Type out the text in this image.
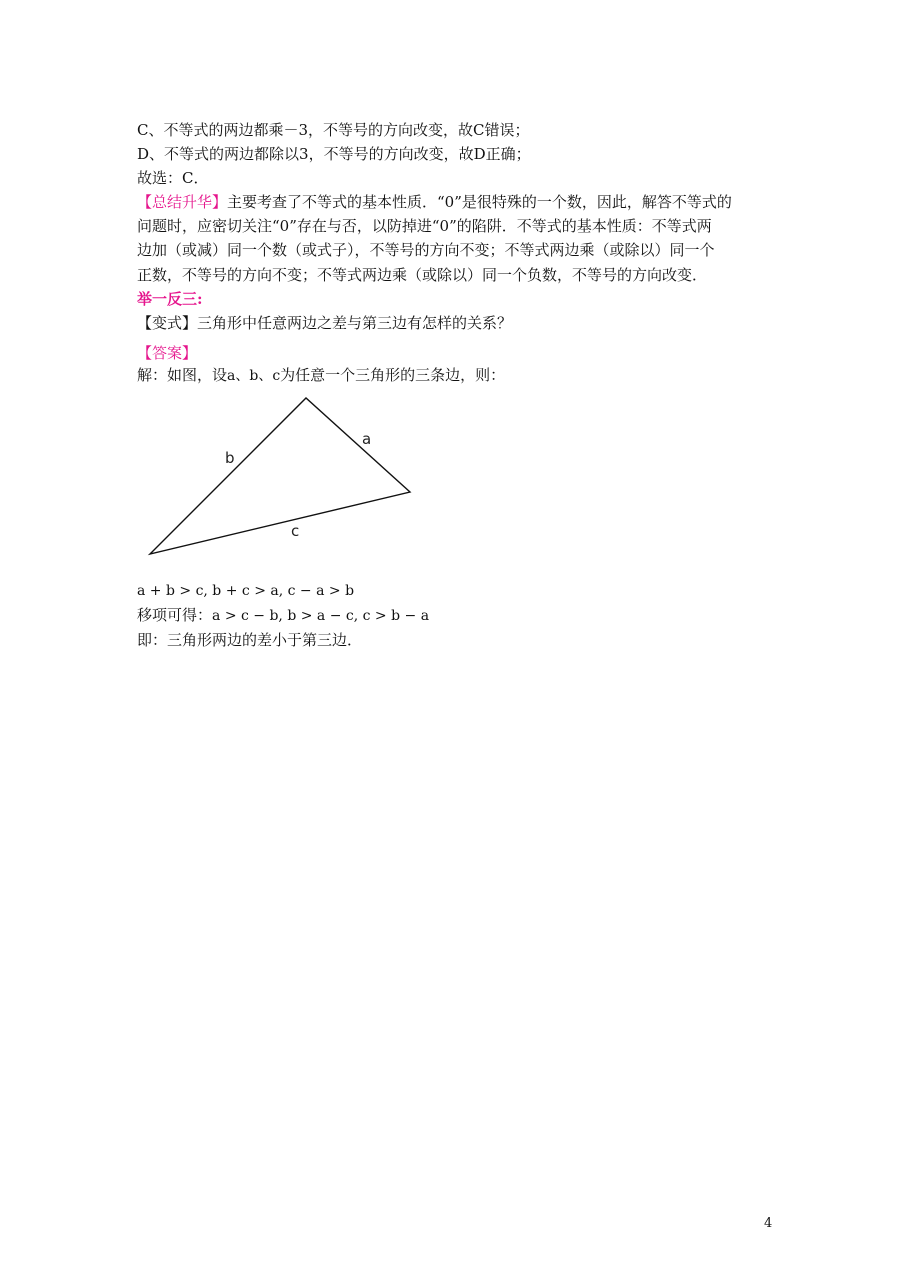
C、不等式的两边都乘－3，不等号的方向改变，故C错误；
D、不等式的两边都除以3，不等号的方向改变，故D正确；
故选：C．
【总结升华】主要考查了不等式的基本性质．“0”是很特殊的一个数，因此，解答不等式的
问题时，应密切关注“0”存在与否，以防掉进“0”的陷阱．不等式的基本性质：不等式两
边加（或减）同一个数（或式子），不等号的方向不变；不等式两边乘（或除以）同一个
正数，不等号的方向不变；不等式两边乘（或除以）同一个负数，不等号的方向改变．
举一反三:
【变式】三角形中任意两边之差与第三边有怎样的关系？
【答案】
解：如图，设a、b、c为任意一个三角形的三条边，则：
b
a
c
a + b > c, b + c > a, c − a > b
移项可得：a > c − b, b > a − c, c > b − a
即：三角形两边的差小于第三边．
4
